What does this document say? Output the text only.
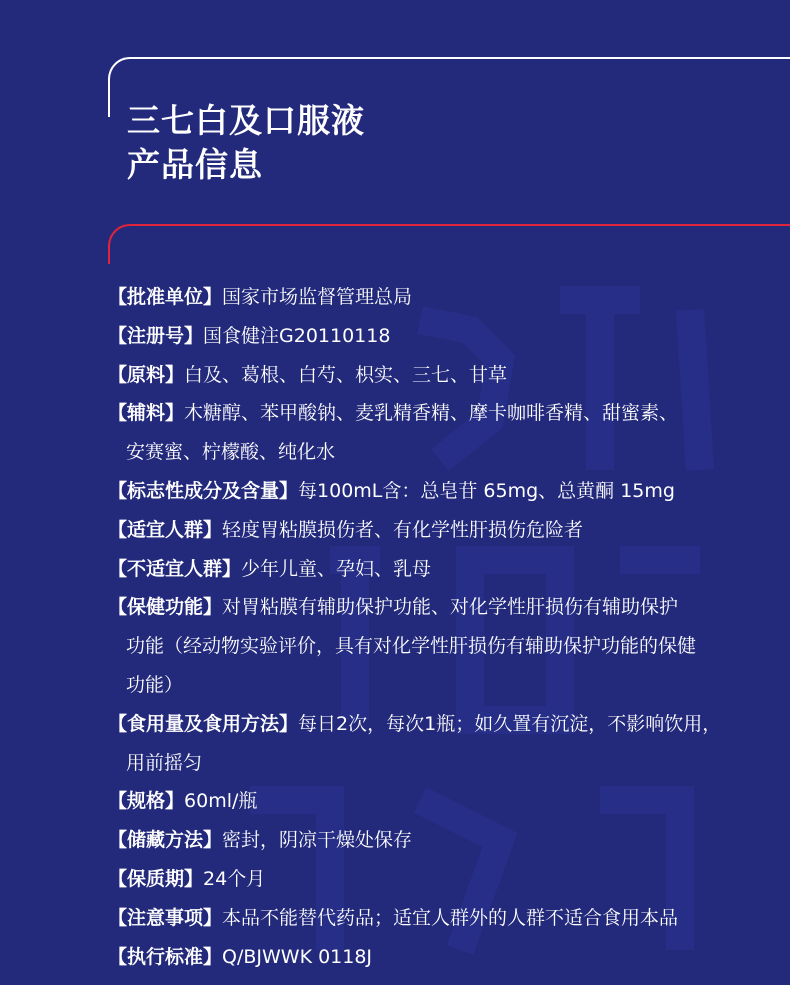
三七白及口服液
产品信息
【批准单位】国家市场监督管理总局
【注册号】国食健注G20110118
【原料】白及、葛根、白芍、枳实、三七、甘草
【辅料】木糖醇、苯甲酸钠、麦乳精香精、摩卡咖啡香精、甜蜜素、
安赛蜜、柠檬酸、纯化水
【标志性成分及含量】每100mL含：总皂苷 65mg、总黄酮 15mg
【适宜人群】轻度胃粘膜损伤者、有化学性肝损伤危险者
【不适宜人群】少年儿童、孕妇、乳母
【保健功能】对胃粘膜有辅助保护功能、对化学性肝损伤有辅助保护
功能（经动物实验评价，具有对化学性肝损伤有辅助保护功能的保健
功能）
【食用量及食用方法】每日2次，每次1瓶；如久置有沉淀，不影响饮用，
用前摇匀
【规格】60ml/瓶
【储藏方法】密封，阴凉干燥处保存
【保质期】24个月
【注意事项】本品不能替代药品；适宜人群外的人群不适合食用本品
【执行标准】Q/BJWWK 0118J
